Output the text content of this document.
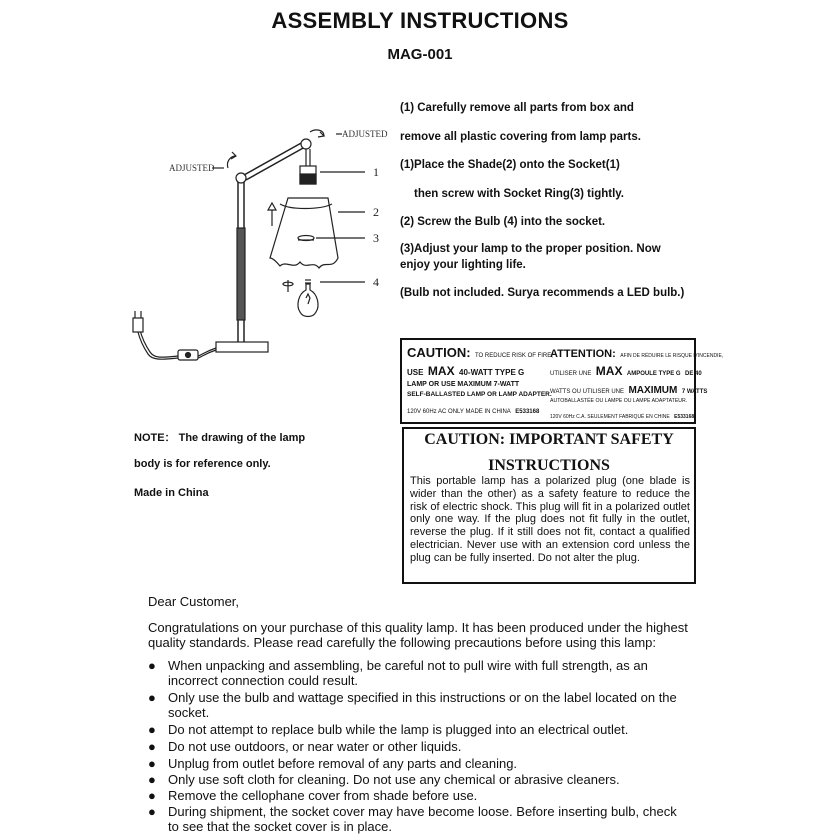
ASSEMBLY INSTRUCTIONS
MAG-001
ADJUSTED
ADJUSTED	1
2
3
4
(1) Carefully remove all parts from box and
remove all plastic covering from lamp parts.
(1)Place the Shade(2) onto the Socket(1)
then screw with Socket Ring(3) tightly.
(2) Screw the Bulb (4) into the socket.
(3)Adjust your lamp to the proper position. Now
enjoy your lighting life.
(Bulb not included. Surya recommends a LED bulb.)
NOTE： The drawing of the lamp
body is for reference only.
Made in China
CAUTION: TO REDUCE RISK OF FIRE,
USE MAX 40-WATT TYPE G
LAMP OR USE MAXIMUM 7-WATT
SELF-BALLASTED LAMP OR LAMP ADAPTER.
120V 60Hz AC ONLY MADE IN CHINA E533168
ATTENTION: AFIN DE RÉDUIRE LE RISQUE D'INCENDIE,
UTILISER UNE MAX AMPOULE TYPE G DE 40
WATTS OU UTILISER UNE MAXIMUM 7 WATTS
AUTOBALLASTÉE OU LAMPE OU LAMPE ADAPTATEUR.
120V 60Hz C.A. SEULEMENT FABRIQUÉ EN CHINE E533168
CAUTION: IMPORTANT SAFETY
INSTRUCTIONS
This portable lamp has a polarized plug (one blade is wider than the other) as a safety feature to reduce the risk of electric shock. This plug will fit in a polarized outlet only one way. If the plug does not fit fully in the outlet, reverse the plug. If it still does not fit, contact a qualified electrician. Never use with an extension cord unless the plug can be fully inserted. Do not alter the plug.
Dear Customer,
Congratulations on your purchase of this quality lamp. It has been produced under the highest quality standards. Please read carefully the following precautions before using this lamp:
● When unpacking and assembling, be careful not to pull wire with full strength, as an incorrect connection could result.
● Only use the bulb and wattage specified in this instructions or on the label located on the socket.
● Do not attempt to replace bulb while the lamp is plugged into an electrical outlet.
● Do not use outdoors, or near water or other liquids.
● Unplug from outlet before removal of any parts and cleaning.
● Only use soft cloth for cleaning. Do not use any chemical or abrasive cleaners.
● Remove the cellophane cover from shade before use.
● During shipment, the socket cover may have become loose. Before inserting bulb, check to see that the socket cover is in place.
